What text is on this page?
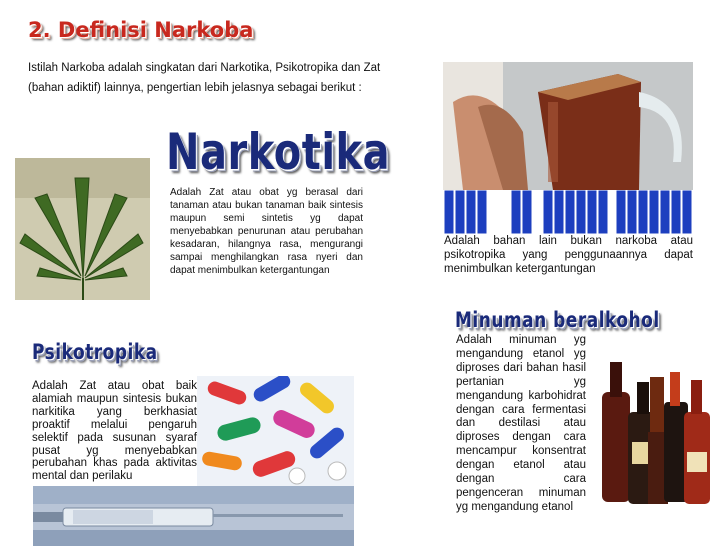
2. Definisi Narkoba
Istilah Narkoba adalah singkatan dari Narkotika, Psikotropika dan Zat (bahan adiktif) lainnya, pengertian lebih jelasnya sebagai berikut :
Narkotika
Adalah Zat atau obat yg berasal dari tanaman atau bukan tanaman baik sintesis maupun semi sintetis yg dapat menyebabkan penurunan atau perubahan kesadaran, hilangnya rasa, mengurangi sampai menghilangkan rasa nyeri dan dapat menimbulkan ketergantungan
Adalah bahan lain bukan narkoba atau psikotropika yang penggunaannya dapat menimbulkan ketergantungan
Minuman beralkohol
Adalah minuman yg mengandung etanol yg diproses dari bahan hasil pertanian yg mengandung karbohidrat dengan cara fermentasi dan destilasi atau diproses dengan cara mencampur konsentrat dengan etanol atau dengan cara pengenceran minuman yg mengandung etanol
Psikotropika
Adalah Zat atau obat baik alamiah maupun sintesis bukan narkitika yang berkhasiat proaktif melalui pengaruh selektif pada susunan syaraf pusat yg menyebabkan perubahan khas pada aktivitas mental dan perilaku
